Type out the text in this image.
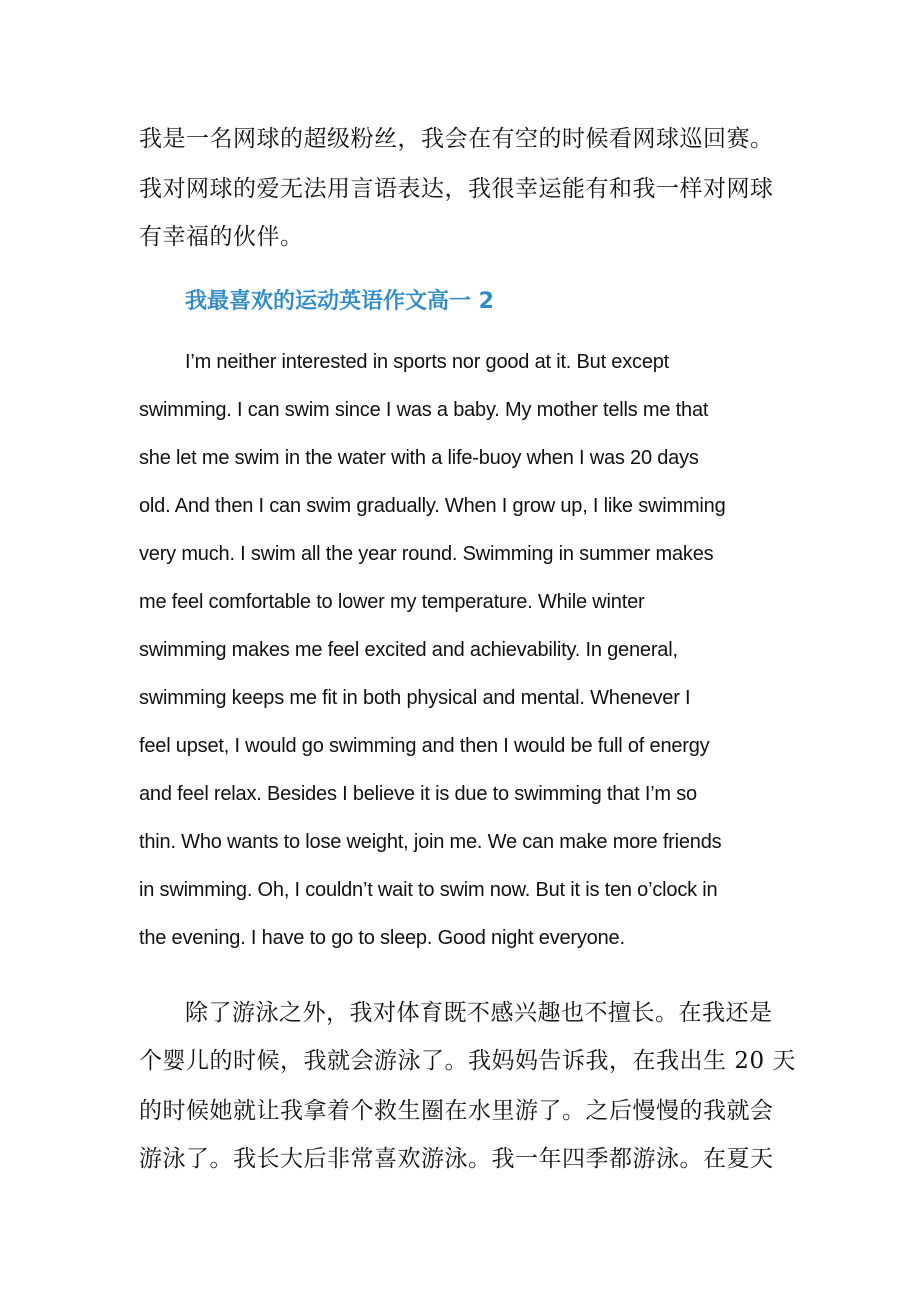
我是一名网球的超级粉丝，我会在有空的时候看网球巡回赛。
我对网球的爱无法用言语表达，我很幸运能有和我一样对网球
有幸福的伙伴。
我最喜欢的运动英语作文高一 2
I’m neither interested in sports nor good at it. But except
swimming. I can swim since I was a baby. My mother tells me that
she let me swim in the water with a life-buoy when I was 20 days
old. And then I can swim gradually. When I grow up, I like swimming
very much. I swim all the year round. Swimming in summer makes
me feel comfortable to lower my temperature. While winter
swimming makes me feel excited and achievability. In general,
swimming keeps me fit in both physical and mental. Whenever I
feel upset, I would go swimming and then I would be full of energy
and feel relax. Besides I believe it is due to swimming that I’m so
thin. Who wants to lose weight, join me. We can make more friends
in swimming. Oh, I couldn’t wait to swim now. But it is ten o’clock in
the evening. I have to go to sleep. Good night everyone.
除了游泳之外，我对体育既不感兴趣也不擅长。在我还是
个婴儿的时候，我就会游泳了。我妈妈告诉我，在我出生 20 天
的时候她就让我拿着个救生圈在水里游了。之后慢慢的我就会
游泳了。我长大后非常喜欢游泳。我一年四季都游泳。在夏天
